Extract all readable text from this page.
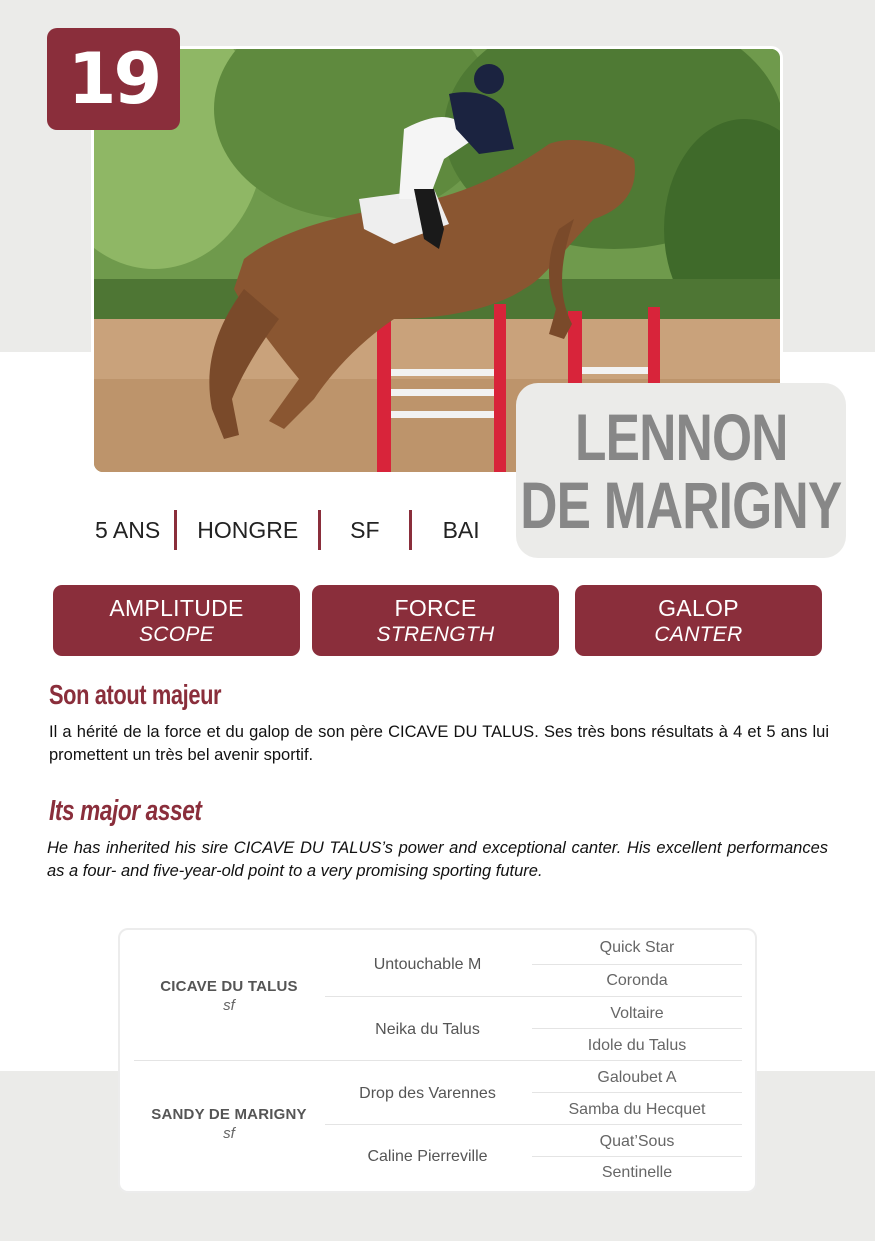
19
LENNON
DE MARIGNY
5 ANS HONGRE SF	BAI
AMPLITUDE
SCOPE
FORCE
STRENGTH
GALOP
CANTER
Son atout majeur
Il a hérité de la force et du galop de son père CICAVE DU TALUS. Ses très bons résultats à 4 et 5 ans lui promettent un très bel avenir sportif.
Its major asset
He has inherited his sire CICAVE DU TALUS’s power and exceptional canter. His excellent performances as a four- and five-year-old point to a very promising sporting future.
CICAVE DU TALUS
sf
SANDY DE MARIGNY
sf
Untouchable M
Neika du Talus
Drop des Varennes
Caline Pierreville
Quick Star
Coronda
Voltaire
Idole du Talus
Galoubet A
Samba du Hecquet
Quat’Sous
Sentinelle
